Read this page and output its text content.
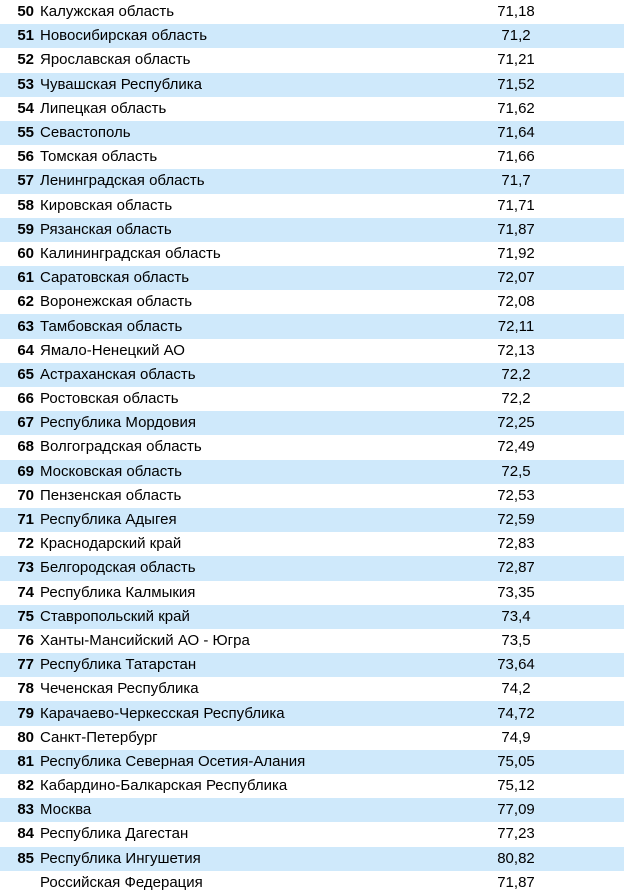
50	Калужская область	71,18
51	Новосибирская область	71,2
52	Ярославская область	71,21
53	Чувашская Республика	71,52
54	Липецкая область	71,62
55	Севастополь	71,64
56	Томская область	71,66
57	Ленинградская область	71,7
58	Кировская область	71,71
59	Рязанская область	71,87
60	Калининградская область	71,92
61	Саратовская область	72,07
62	Воронежская область	72,08
63	Тамбовская область	72,11
64	Ямало-Ненецкий АО	72,13
65	Астраханская область	72,2
66	Ростовская область	72,2
67	Республика Мордовия	72,25
68	Волгоградская область	72,49
69	Московская область	72,5
70	Пензенская область	72,53
71	Республика Адыгея	72,59
72	Краснодарский край	72,83
73	Белгородская область	72,87
74	Республика Калмыкия	73,35
75	Ставропольский край	73,4
76	Ханты-Мансийский АО - Югра	73,5
77	Республика Татарстан	73,64
78	Чеченская Республика	74,2
79	Карачаево-Черкесская Республика	74,72
80	Санкт-Петербург	74,9
81	Республика Северная Осетия-Алания	75,05
82	Кабардино-Балкарская Республика	75,12
83	Москва	77,09
84	Республика Дагестан	77,23
85	Республика Ингушетия	80,82
	Российская Федерация	71,87
